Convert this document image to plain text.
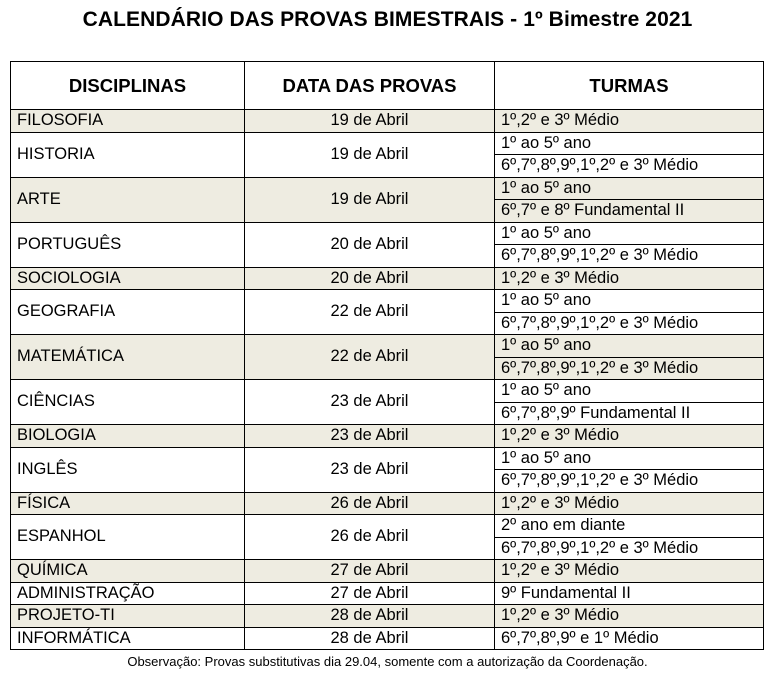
CALENDÁRIO DAS PROVAS BIMESTRAIS - 1º Bimestre 2021
DISCIPLINAS	DATA DAS PROVAS	TURMAS
FILOSOFIA	19 de Abril	1º,2º e 3º Médio
HISTORIA	19 de Abril	1º ao 5º ano
		6º,7º,8º,9º,1º,2º e 3º Médio
ARTE	19 de Abril	1º ao 5º ano
		6º,7º e 8º Fundamental II
PORTUGUÊS	20 de Abril	1º ao 5º ano
		6º,7º,8º,9º,1º,2º e 3º Médio
SOCIOLOGIA	20 de Abril	1º,2º e 3º Médio
GEOGRAFIA	22 de Abril	1º ao 5º ano
		6º,7º,8º,9º,1º,2º e 3º Médio
MATEMÁTICA	22 de Abril	1º ao 5º ano
		6º,7º,8º,9º,1º,2º e 3º Médio
CIÊNCIAS	23 de Abril	1º ao 5º ano
		6º,7º,8º,9º Fundamental II
BIOLOGIA	23 de Abril	1º,2º e 3º Médio
INGLÊS	23 de Abril	1º ao 5º ano
		6º,7º,8º,9º,1º,2º e 3º Médio
FÍSICA	26 de Abril	1º,2º e 3º Médio
ESPANHOL	26 de Abril	2º ano em diante
		6º,7º,8º,9º,1º,2º e 3º Médio
QUÍMICA	27 de Abril	1º,2º e 3º Médio
ADMINISTRAÇÃO	27 de Abril	9º Fundamental II
PROJETO-TI	28 de Abril	1º,2º e 3º Médio
INFORMÁTICA	28 de Abril	6º,7º,8º,9º e 1º Médio
Observação: Provas substitutivas dia 29.04, somente com a autorização da Coordenação.
